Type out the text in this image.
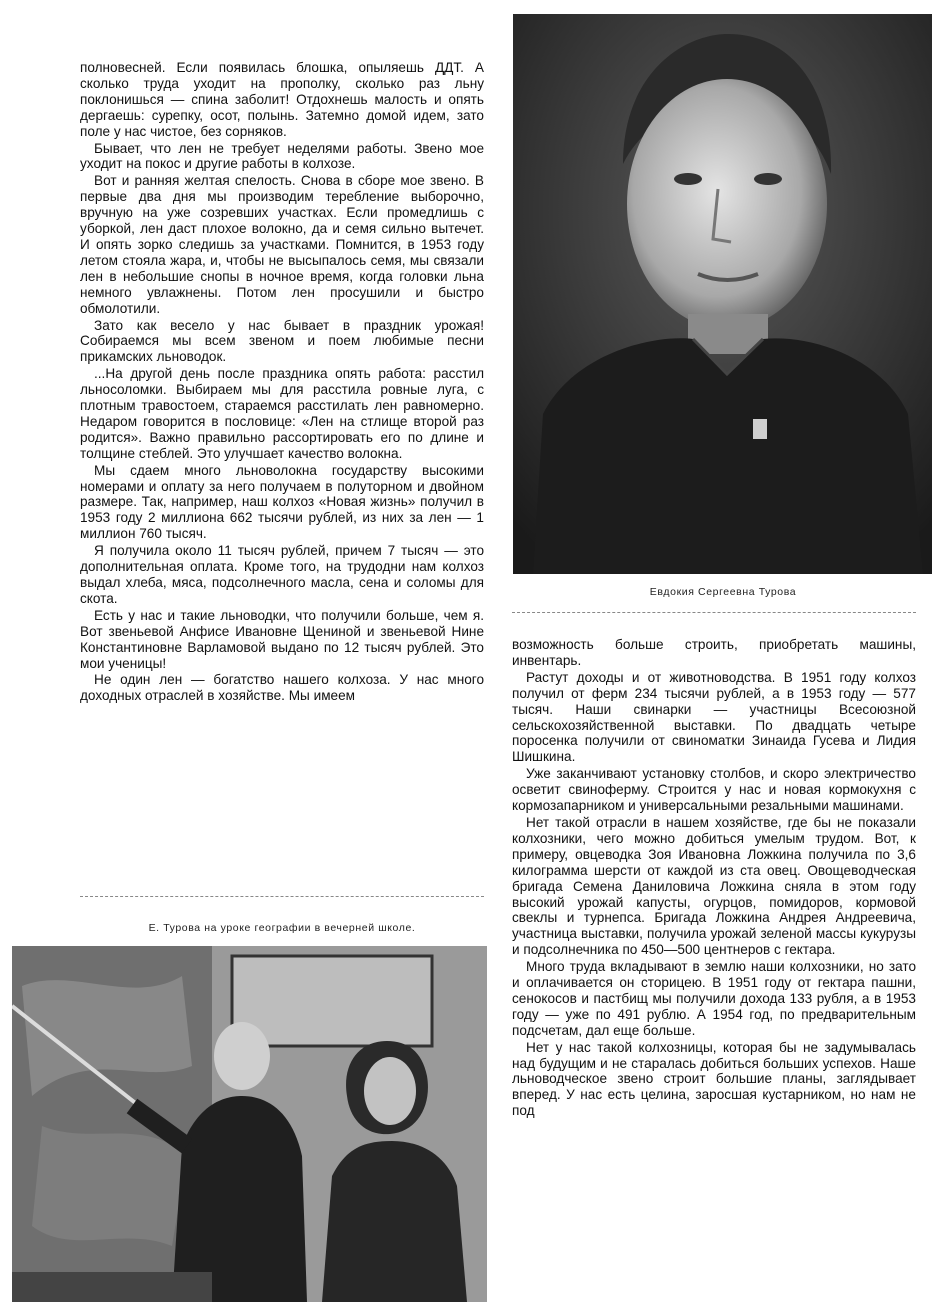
полновесней. Если появилась блошка, опыляешь ДДТ. А сколько труда уходит на прополку, сколько раз льну поклонишься — спина заболит! Отдохнешь малость и опять дергаешь: сурепку, осот, полынь. Затемно домой идем, зато поле у нас чистое, без сорняков.

Бывает, что лен не требует неделями работы. Звено мое уходит на покос и другие работы в колхозе.

Вот и ранняя желтая спелость. Снова в сборе мое звено. В первые два дня мы производим теребление выборочно, вручную на уже созревших участках. Если промедлишь с уборкой, лен даст плохое волокно, да и семя сильно вытечет. И опять зорко следишь за участками. Помнится, в 1953 году летом стояла жара, и, чтобы не высыпалось семя, мы связали лен в небольшие снопы в ночное время, когда головки льна немного увлажнены. Потом лен просушили и быстро обмолотили.

Зато как весело у нас бывает в праздник урожая! Собираемся мы всем звеном и поем любимые песни прикамских льноводок.

...На другой день после праздника опять работа: расстил льносоломки. Выбираем мы для расстила ровные луга, с плотным травостоем, стараемся расстилать лен равномерно. Недаром говорится в пословице: «Лен на стлище второй раз родится». Важно правильно рассортировать его по длине и толщине стеблей. Это улучшает качество волокна.

Мы сдаем много льноволокна государству высокими номерами и оплату за него получаем в полуторном и двойном размере. Так, например, наш колхоз «Новая жизнь» получил в 1953 году 2 миллиона 662 тысячи рублей, из них за лен — 1 миллион 760 тысяч.

Я получила около 11 тысяч рублей, причем 7 тысяч — это дополнительная оплата. Кроме того, на трудодни нам колхоз выдал хлеба, мяса, подсолнечного масла, сена и соломы для скота.

Есть у нас и такие льноводки, что получили больше, чем я. Вот звеньевой Анфисе Ивановне Щениной и звеньевой Нине Константиновне Варламовой выдано по 12 тысяч рублей. Это мои ученицы!

Не один лен — богатство нашего колхоза. У нас много доходных отраслей в хозяйстве. Мы имеем

Евдокия Сергеевна Турова
Е. Турова на уроке географии в вечерней школе.

возможность больше строить, приобретать машины, инвентарь.

Растут доходы и от животноводства. В 1951 году колхоз получил от ферм 234 тысячи рублей, а в 1953 году — 577 тысяч. Наши свинарки — участницы Всесоюзной сельскохозяйственной выставки. По двадцать четыре поросенка получили от свиноматки Зинаида Гусева и Лидия Шишкина.

Уже заканчивают установку столбов, и скоро электричество осветит свиноферму. Строится у нас и новая кормокухня с кормозапарником и универсальными резальными машинами.

Нет такой отрасли в нашем хозяйстве, где бы не показали колхозники, чего можно добиться умелым трудом. Вот, к примеру, овцеводка Зоя Ивановна Ложкина получила по 3,6 килограмма шерсти от каждой из ста овец. Овощеводческая бригада Семена Даниловича Ложкина сняла в этом году высокий урожай капусты, огурцов, помидоров, кормовой свеклы и турнепса. Бригада Ложкина Андрея Андреевича, участница выставки, получила урожай зеленой массы кукурузы и подсолнечника по 450—500 центнеров с гектара.

Много труда вкладывают в землю наши колхозники, но зато и оплачивается он сторицею. В 1951 году от гектара пашни, сенокосов и пастбищ мы получили дохода 133 рубля, а в 1953 году — уже по 491 рублю. А 1954 год, по предварительным подсчетам, дал еще больше.

Нет у нас такой колхозницы, которая бы не задумывалась над будущим и не старалась добиться больших успехов. Наше льноводческое звено строит большие планы, заглядывает вперед. У нас есть целина, заросшая кустарником, но нам не под
